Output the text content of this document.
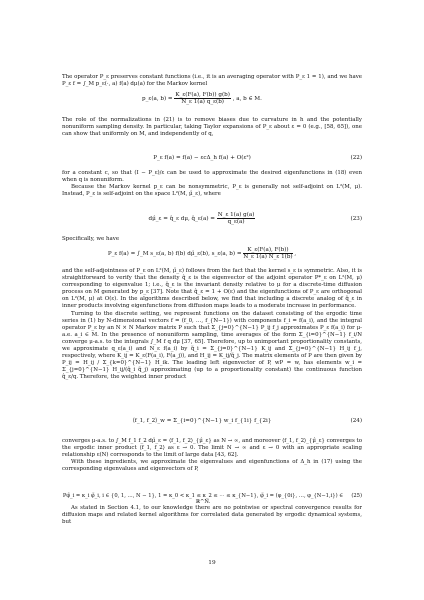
The operator P_ε preserves constant functions (i.e., it is an averaging operator with P_ε 1 = 1), and we have P_ε f = ∫_M p_ε(·, a) f(a) dμ(a) for the Markov kernel

p_ε(a, $b) = \frac{K\_\varepsilon(F(a), F(b)) g(b)}{N\_\varepsilon 1(a) q\_\varepsilon(b)}$ , a, b ∈ M.

The role of the normalizations in (21) is to remove biases due to curvature in h and the potentially nonuniform sampling density. In particular, taking Taylor expansions of P_ε about ε = 0 (e.g., [58, 65]), one can show that uniformly on M, and independently of q,

P_ε f(a) = f(a) − εcΔ_h f(a) + O(ε²)	(22)

for a constant c, so that (I − P_ε)/ε can be used to approximate the desired eigenfunctions in (18) even when q is nonuniform.

Because the Markov kernel p_ε can be nonsymmetric, P_ε is generally not self-adjoint on L²(M, μ). Instead, P_ε is self-adjoint on the space L²(M, μ̂_ε), where

dμ̂_ε = q̂_ε dμ, q̂_ε(a) = $\frac{N\_\varepsilon 1(a) g(a)}{q\_\varepsilon(a)}$	(23)

Specifically, we have

P_ε f(a) = ∫_M s_ε(a, b) f(b) dμ̂_ε(b), s_ε(a, $b) = \frac{K\_\varepsilon(F(a), F(b))}{N\_\varepsilon 1(a) N\_\varepsilon 1(b)}$ ,

and the self-adjointness of P_ε on L²(M, μ̂_ε) follows from the fact that the kernel s_ε is symmetric. Also, it is straightforward to verify that the density q̂_ε is the eigenvector of the adjoint operator P*_ε on L²(M, μ) corresponding to eigenvalue 1; i.e., q̂_ε is the invariant density relative to μ for a discrete-time diffusion process on M generated by p_ε [37]. Note that q̂_ε = 1 + O(ε) and the eigenfunctions of P_ε are orthogonal on L²(M, μ) at O(ε). In the algorithms described below, we find that including a discrete analog of q̂_ε in inner products involving eigenfunctions from diffusion maps leads to a moderate increase in performance.

Turning to the discrete setting, we represent functions on the dataset consisting of the ergodic time series in (1) by N-dimensional vectors f = (f_0, …, f_{N−1}) with components f_i = f(a_i), and the integral operator P_ε by an N × N Markov matrix P such that Σ_{j=0}^{N−1} P_ij f_j approximates P_ε f(a_i) for μ-a.e. a_i ∈ M. In the presence of nonuniform sampling, time averages of the form Σ_{i=0}^{N−1} f_i/N converge μ-a.s. to the integrals ∫_M f q dμ [37, 65]. Therefore, up to unimportant proportionality constants, we approximate q_ε(a_i) and N_ε f(a_i) by q̃_i = Σ_{j=0}^{N−1} K_ij and Σ_{j=0}^{N−1} H_ij f_j, respectively, where K_ij = K_ε(F(a_i), F(a_j)), and H_ij = K_ij/q̃_j. The matrix elements of P are then given by P_ij = H_ij / Σ_{k=0}^{N−1} H_ik. The leading left eigenvector of P, wP = w, has elements w_i = Σ_{j=0}^{N−1} H_ij/(q̃_i q̃_j) approximating (up to a proportionality constant) the continuous function q̂_ε/q. Therefore, the weighted inner product

⟨f_1, f_2⟩_w = Σ_{i=0}^{N−1} w_i f_{1i} f_{2i}	(24)

converges μ-a.s. to ∫_M f_1 f_2 dμ̂_ε = ⟨f_1, f_2⟩_{μ̂_ε} as N → ∞, and moreover ⟨f_1, f_2⟩_{μ̂_ε} converges to the ergodic inner product ⟨f_1, f_2⟩ as ε → 0. The limit N → ∞ and ε → 0 with an appropriate scaling relationship ε(N) corresponds to the limit of large data [43, 62].

With these ingredients, we approximate the eigenvalues and eigenfunctions of Δ_h in (17) using the corresponding eigenvalues and eigenvectors of P,

Pφ̃_i = κ_i φ̃_i, i ∈ {0, 1, …, N − 1}, 1 = κ_0 < κ_1 ≤ κ_2 ≤ ⋯ ≤ κ_{N−1}, φ̃_i = (φ_{0i}, …, φ_{N−1,i}) ∈ ℝ^N.
(25)

As stated in Section 4.1, to our knowledge there are no pointwise or spectral convergence results for diffusion maps and related kernel algorithms for correlated data generated by ergodic dynamical systems, but

19
